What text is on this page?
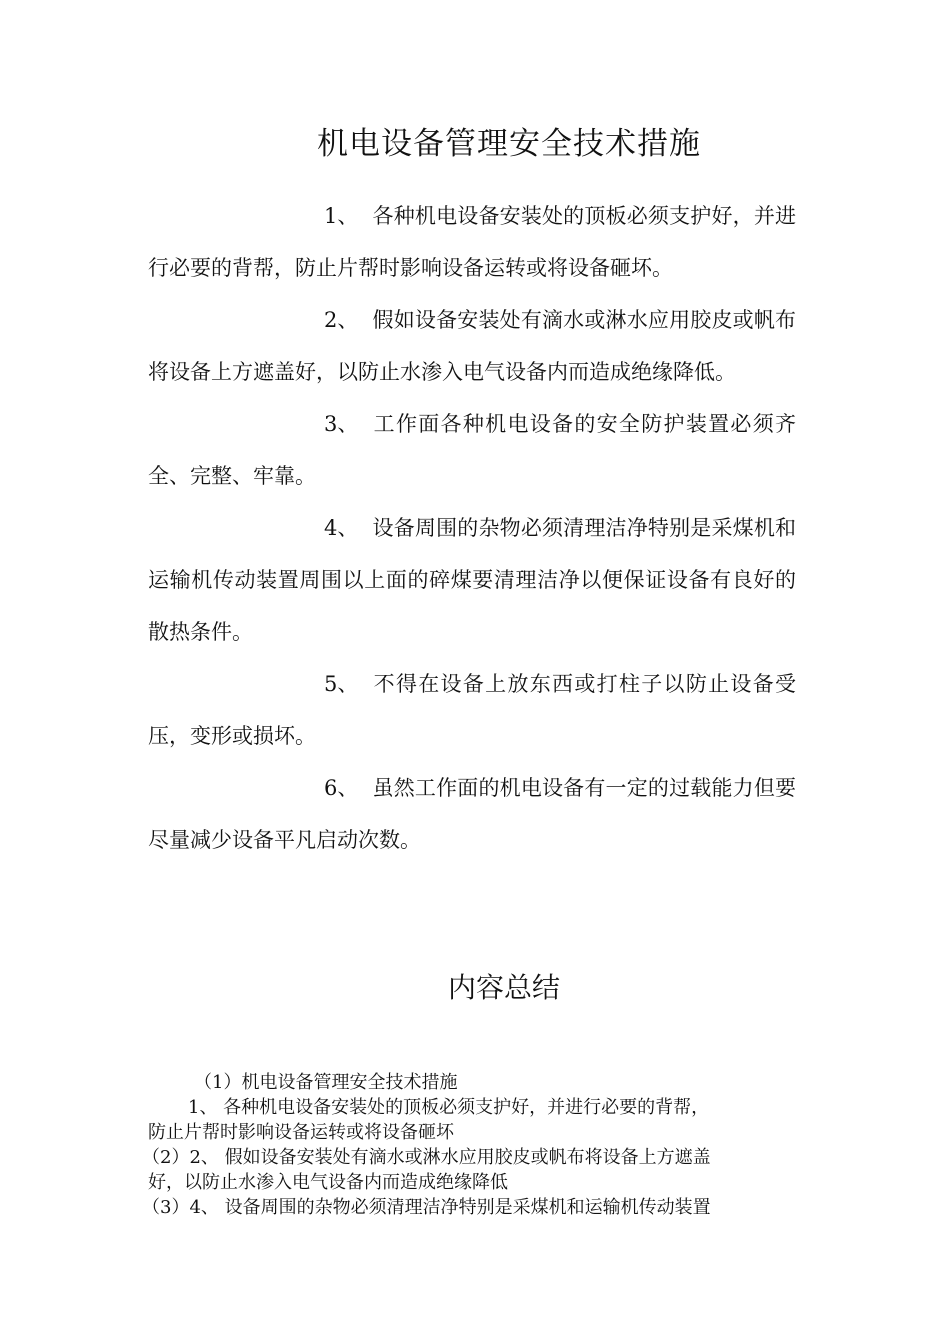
机电设备管理安全技术措施

1、 各种机电设备安装处的顶板必须支护好，并进行必要的背帮，防止片帮时影响设备运转或将设备砸坏。

2、 假如设备安装处有滴水或淋水应用胶皮或帆布将设备上方遮盖好，以防止水渗入电气设备内而造成绝缘降低。

3、 工作面各种机电设备的安全防护装置必须齐全、完整、牢靠。

4、 设备周围的杂物必须清理洁净特别是采煤机和运输机传动装置周围以上面的碎煤要清理洁净以便保证设备有良好的散热条件。

5、 不得在设备上放东西或打柱子以防止设备受压，变形或损坏。

6、 虽然工作面的机电设备有一定的过载能力但要尽量减少设备平凡启动次数。

内容总结
（1）机电设备管理安全技术措施
1、 各种机电设备安装处的顶板必须支护好，并进行必要的背帮，
防止片帮时影响设备运转或将设备砸坏
（2）2、 假如设备安装处有滴水或淋水应用胶皮或帆布将设备上方遮盖
好，以防止水渗入电气设备内而造成绝缘降低
（3）4、 设备周围的杂物必须清理洁净特别是采煤机和运输机传动装置
